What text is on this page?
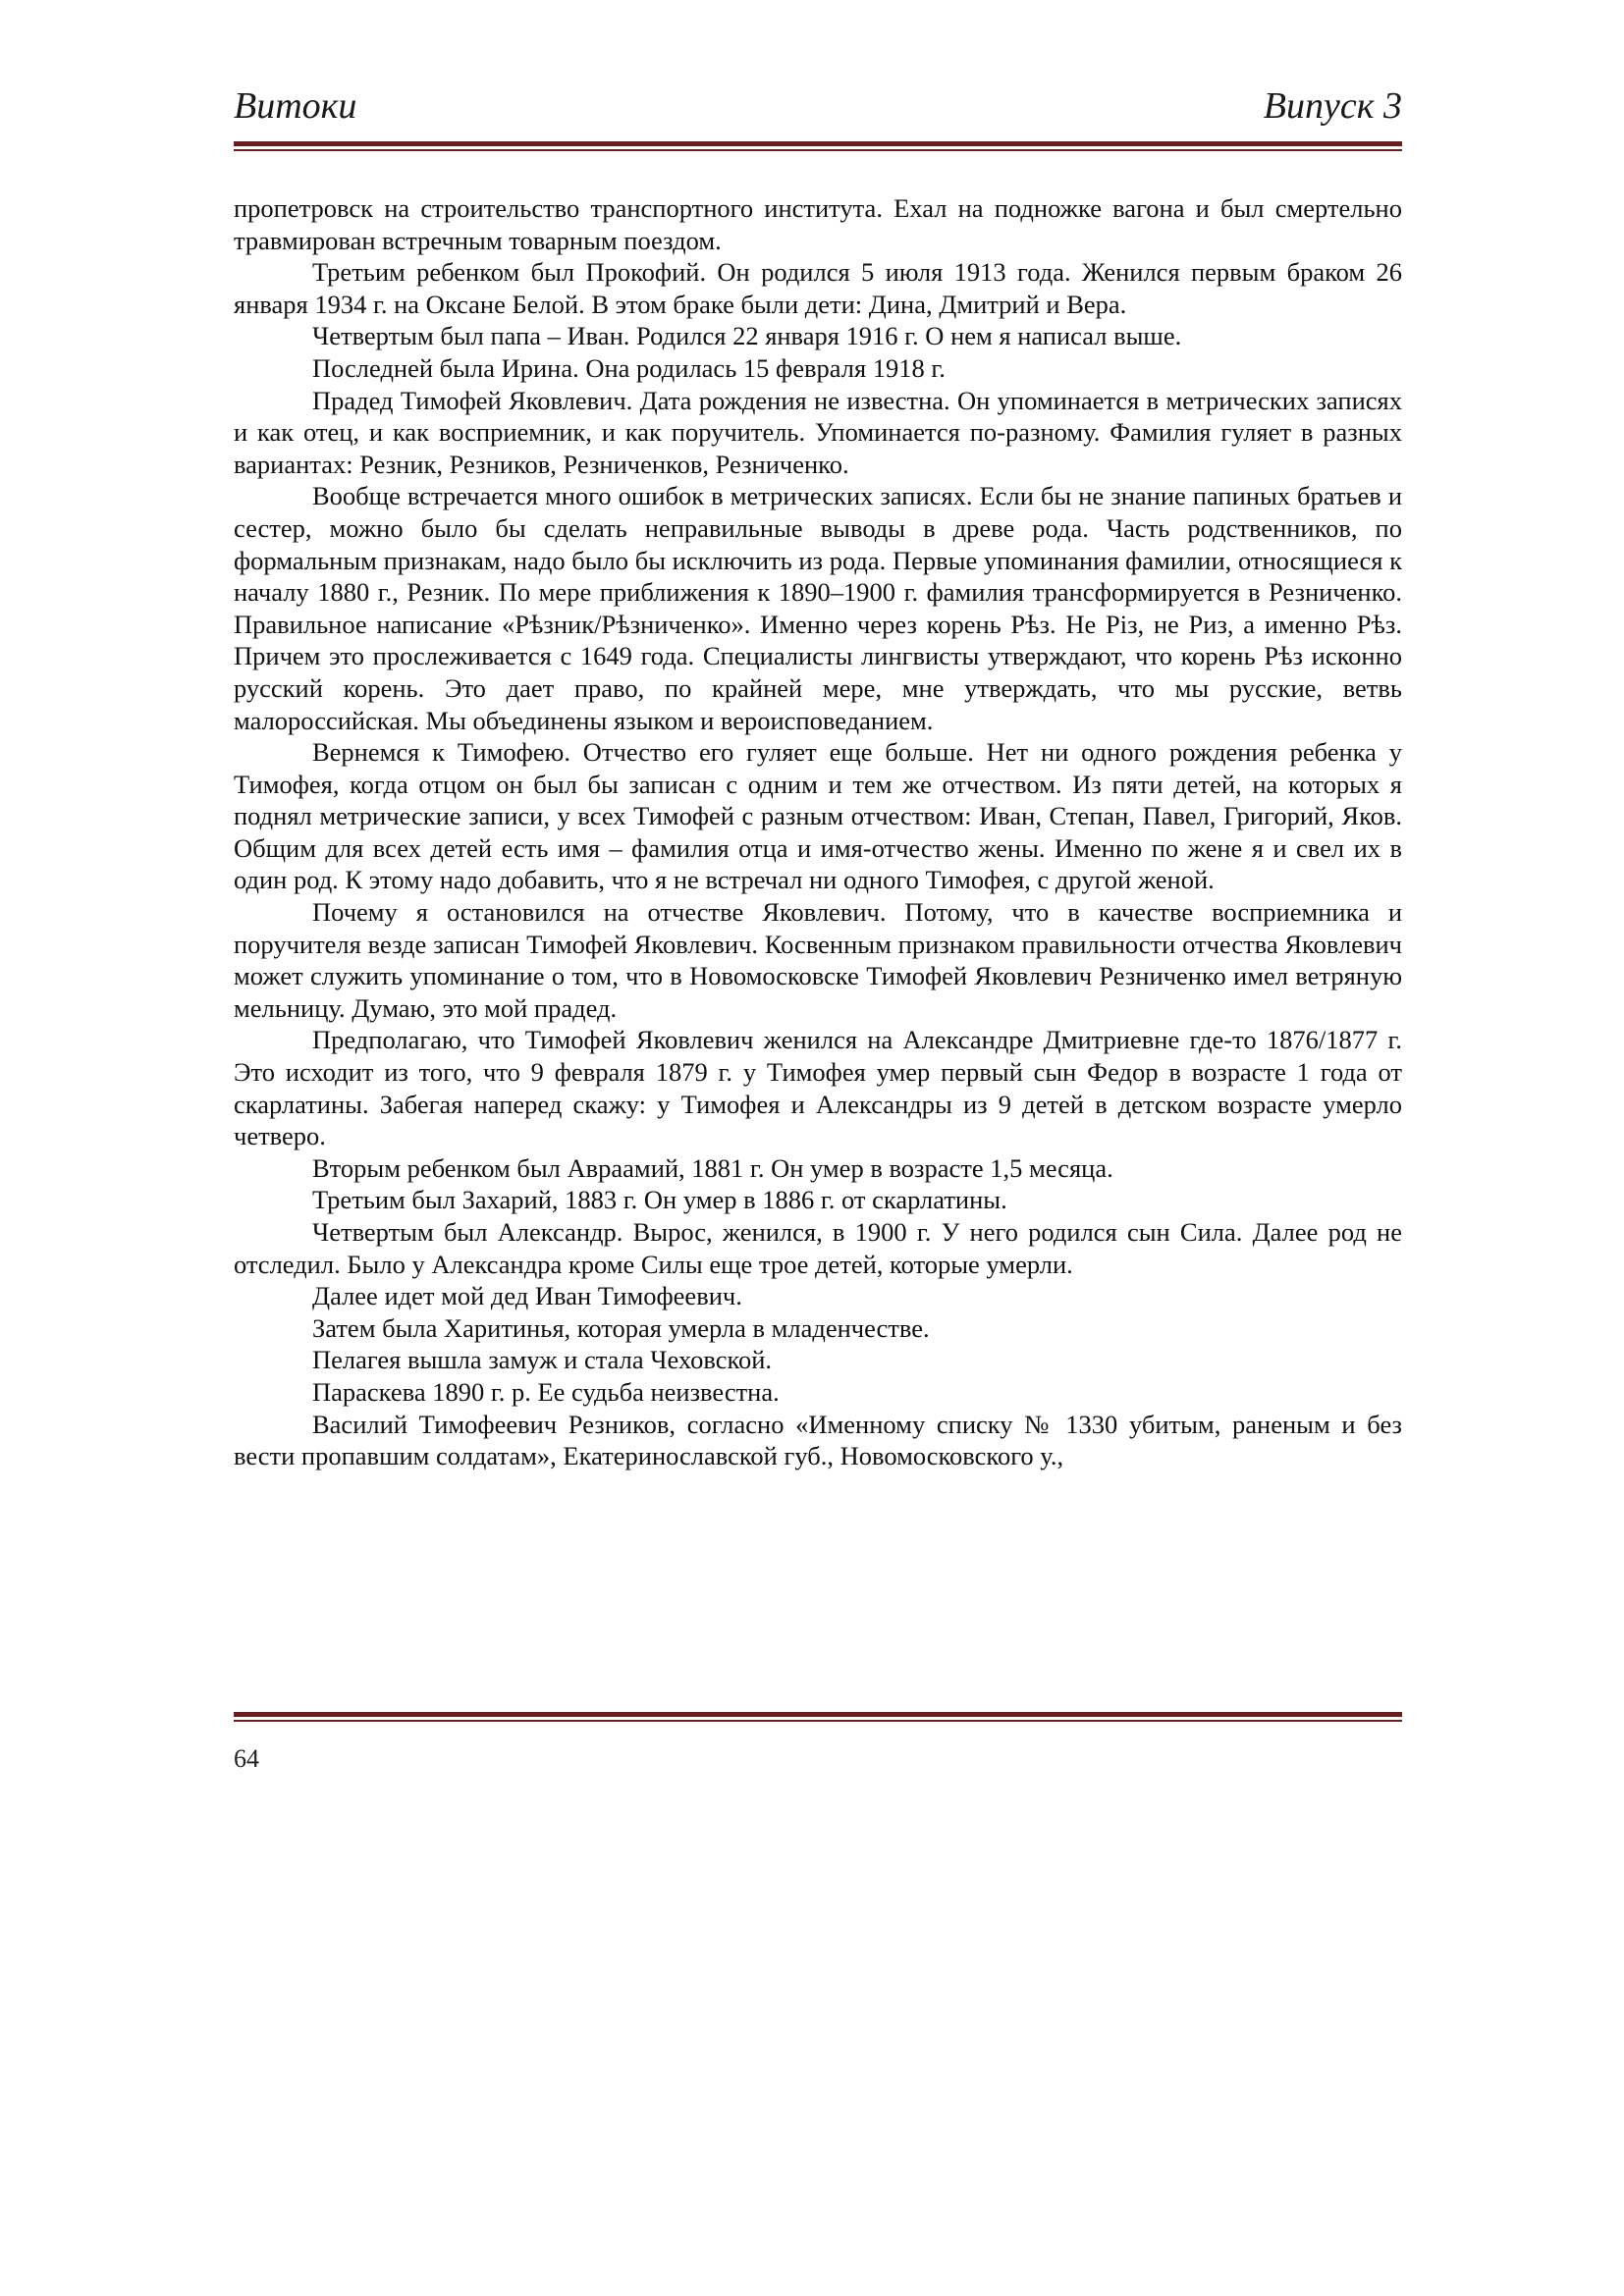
Витоки	Випуск 3

пропетровск на строительство транспортного института. Ехал на подножке вагона и был смертельно травмирован встречным товарным поездом.

Третьим ребенком был Прокофий. Он родился 5 июля 1913 года. Женился первым браком 26 января 1934 г. на Оксане Белой. В этом браке были дети: Дина, Дмитрий и Вера.

Четвертым был папа – Иван. Родился 22 января 1916 г. О нем я написал выше.

Последней была Ирина. Она родилась 15 февраля 1918 г.

Прадед Тимофей Яковлевич. Дата рождения не известна. Он упоминается в метрических записях и как отец, и как восприемник, и как поручитель. Упоминается по-разному. Фамилия гуляет в разных вариантах: Резник, Резников, Резниченков, Резниченко.

Вообще встречается много ошибок в метрических записях. Если бы не знание папиных братьев и сестер, можно было бы сделать неправильные выводы в древе рода. Часть родственников, по формальным признакам, надо было бы исключить из рода. Первые упоминания фамилии, относящиеся к началу 1880 г., Резник. По мере приближения к 1890–1900 г. фамилия трансформируется в Резниченко. Правильное написание «Рѣзник/Рѣзниченко». Именно через корень Рѣз. Не Різ, не Риз, а именно Рѣз. Причем это прослеживается с 1649 года. Специалисты лингвисты утверждают, что корень Рѣз исконно русский корень. Это дает право, по крайней мере, мне утверждать, что мы русские, ветвь малороссийская. Мы объединены языком и вероисповеданием.

Вернемся к Тимофею. Отчество его гуляет еще больше. Нет ни одного рождения ребенка у Тимофея, когда отцом он был бы записан с одним и тем же отчеством. Из пяти детей, на которых я поднял метрические записи, у всех Тимофей с разным отчеством: Иван, Степан, Павел, Григорий, Яков. Общим для всех детей есть имя – фамилия отца и имя-отчество жены. Именно по жене я и свел их в один род. К этому надо добавить, что я не встречал ни одного Тимофея, с другой женой.

Почему я остановился на отчестве Яковлевич. Потому, что в качестве восприемника и поручителя везде записан Тимофей Яковлевич. Косвенным признаком правильности отчества Яковлевич может служить упоминание о том, что в Новомосковске Тимофей Яковлевич Резниченко имел ветряную мельницу. Думаю, это мой прадед.

Предполагаю, что Тимофей Яковлевич женился на Александре Дмитриевне где-то 1876/1877 г. Это исходит из того, что 9 февраля 1879 г. у Тимофея умер первый сын Федор в возрасте 1 года от скарлатины. Забегая наперед скажу: у Тимофея и Александры из 9 детей в детском возрасте умерло четверо.

Вторым ребенком был Авраамий, 1881 г. Он умер в возрасте 1,5 месяца.

Третьим был Захарий, 1883 г. Он умер в 1886 г. от скарлатины.

Четвертым был Александр. Вырос, женился, в 1900 г. У него родился сын Сила. Далее род не отследил. Было у Александра кроме Силы еще трое детей, которые умерли.

Далее идет мой дед Иван Тимофеевич.

Затем была Харитинья, которая умерла в младенчестве.

Пелагея вышла замуж и стала Чеховской.

Параскева 1890 г. р. Ее судьба неизвестна.

Василий Тимофеевич Резников, согласно «Именному списку № 1330 убитым, раненым и без вести пропавшим солдатам», Екатеринославской губ., Новомосковского у.,

64
